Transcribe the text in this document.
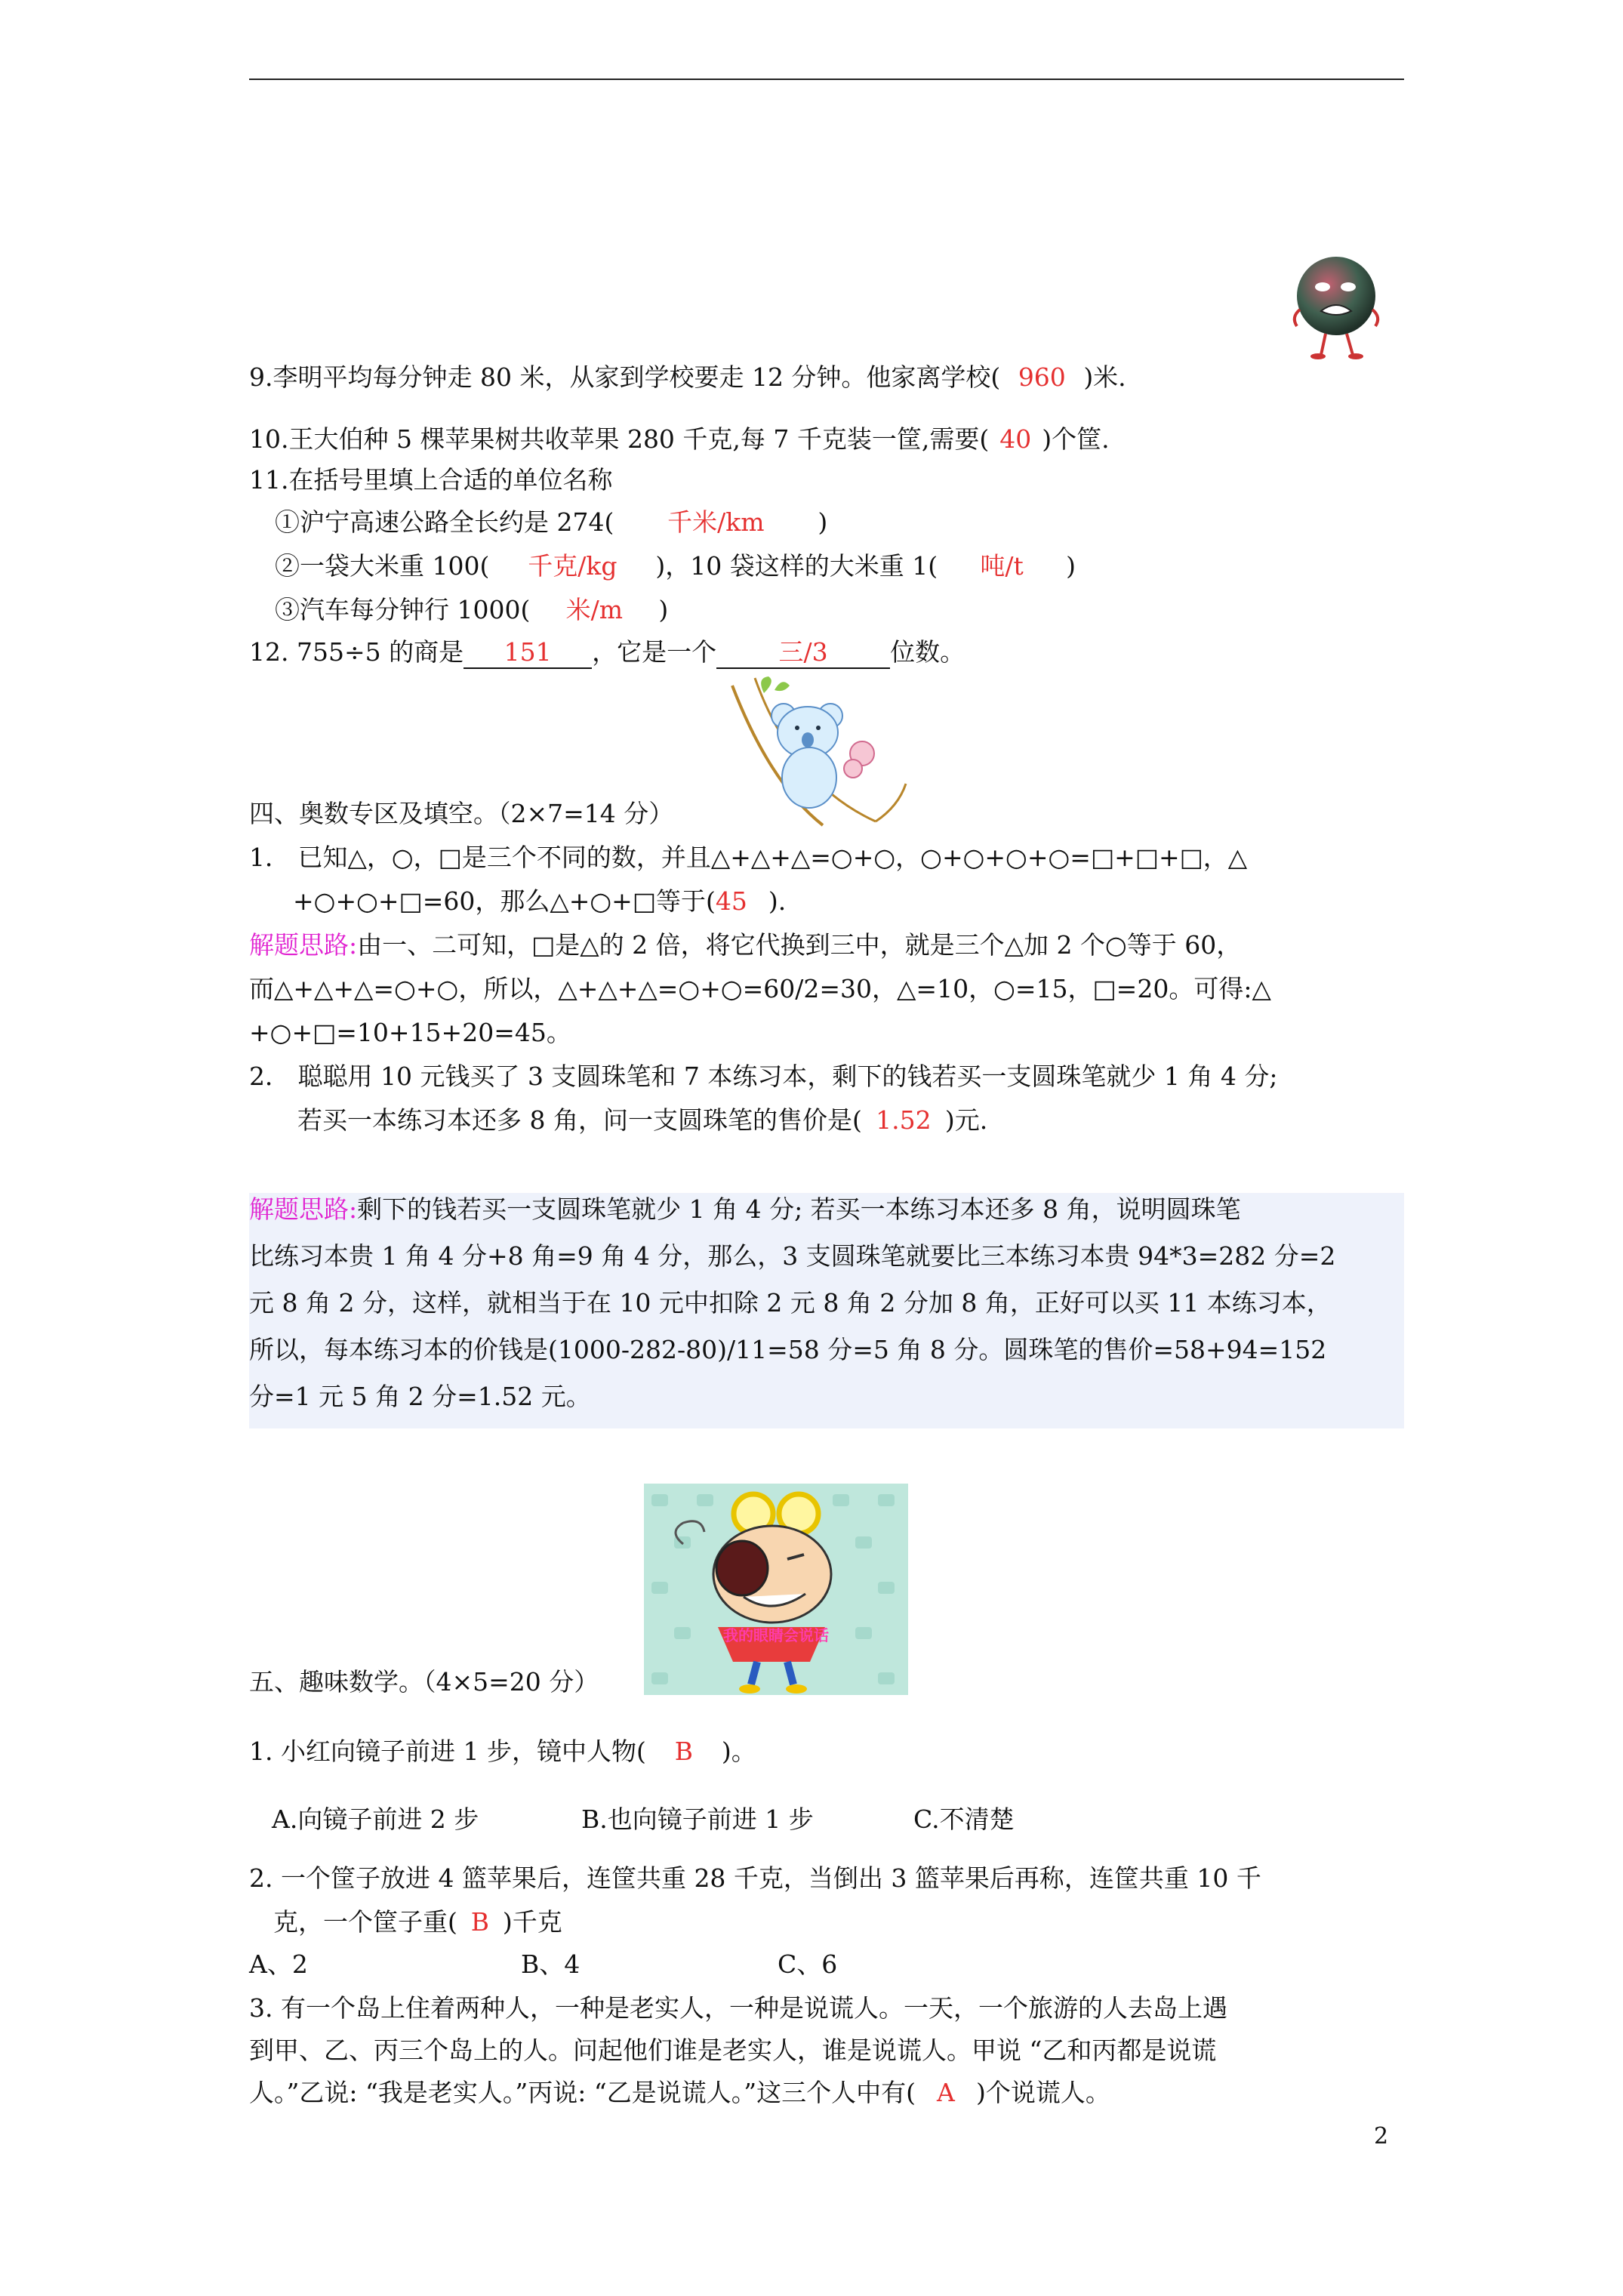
9.李明平均每分钟走 80 米，从家到学校要走 12 分钟。他家离学校( 960 )米.
10.王大伯种 5 棵苹果树共收苹果 280 千克,每 7 千克装一筐,需要( 40 )个筐.
11.在括号里填上合适的单位名称
①沪宁高速公路全长约是 274( 千米/km )
②一袋大米重 100( 千克/kg )，10 袋这样的大米重 1( 吨/t )
③汽车每分钟行 1000( 米/m )
12. 755÷5 的商是 151 ，它是一个 三/3 位数。
四、奥数专区及填空。（2×7=14 分）
1． 已知△，○，□是三个不同的数，并且△+△+△=○+○，○+○+○+○=□+□+□，△
+○+○+□=60，那么△+○+□等于(45 ).
解题思路:由一、二可知，□是△的 2 倍，将它代换到三中，就是三个△加 2 个○等于 60，
而△+△+△=○+○，所以，△+△+△=○+○=60/2=30，△=10，○=15，□=20。可得:△
+○+□=10+15+20=45。
2． 聪聪用 10 元钱买了 3 支圆珠笔和 7 本练习本，剩下的钱若买一支圆珠笔就少 1 角 4 分;
若买一本练习本还多 8 角，问一支圆珠笔的售价是( 1.52 )元.
解题思路:剩下的钱若买一支圆珠笔就少 1 角 4 分; 若买一本练习本还多 8 角，说明圆珠笔
比练习本贵 1 角 4 分+8 角=9 角 4 分，那么，3 支圆珠笔就要比三本练习本贵 94*3=282 分=2
元 8 角 2 分，这样，就相当于在 10 元中扣除 2 元 8 角 2 分加 8 角，正好可以买 11 本练习本，
所以，每本练习本的价钱是(1000-282-80)/11=58 分=5 角 8 分。圆珠笔的售价=58+94=152
分=1 元 5 角 2 分=1.52 元。
我的眼睛会说话
五、趣味数学。（4×5=20 分）
1. 小红向镜子前进 1 步，镜中人物( B )。
A.向镜子前进 2 步	B.也向镜子前进 1 步	C.不清楚
2. 一个筐子放进 4 篮苹果后，连筐共重 28 千克，当倒出 3 篮苹果后再称，连筐共重 10 千
克，一个筐子重( B )千克
A、2	B、4	C、6
3. 有一个岛上住着两种人，一种是老实人，一种是说谎人。一天，一个旅游的人去岛上遇
到甲、乙、丙三个岛上的人。问起他们谁是老实人，谁是说谎人。甲说 “乙和丙都是说谎
人。”乙说: “我是老实人。”丙说: “乙是说谎人。”这三个人中有( A )个说谎人。
2
